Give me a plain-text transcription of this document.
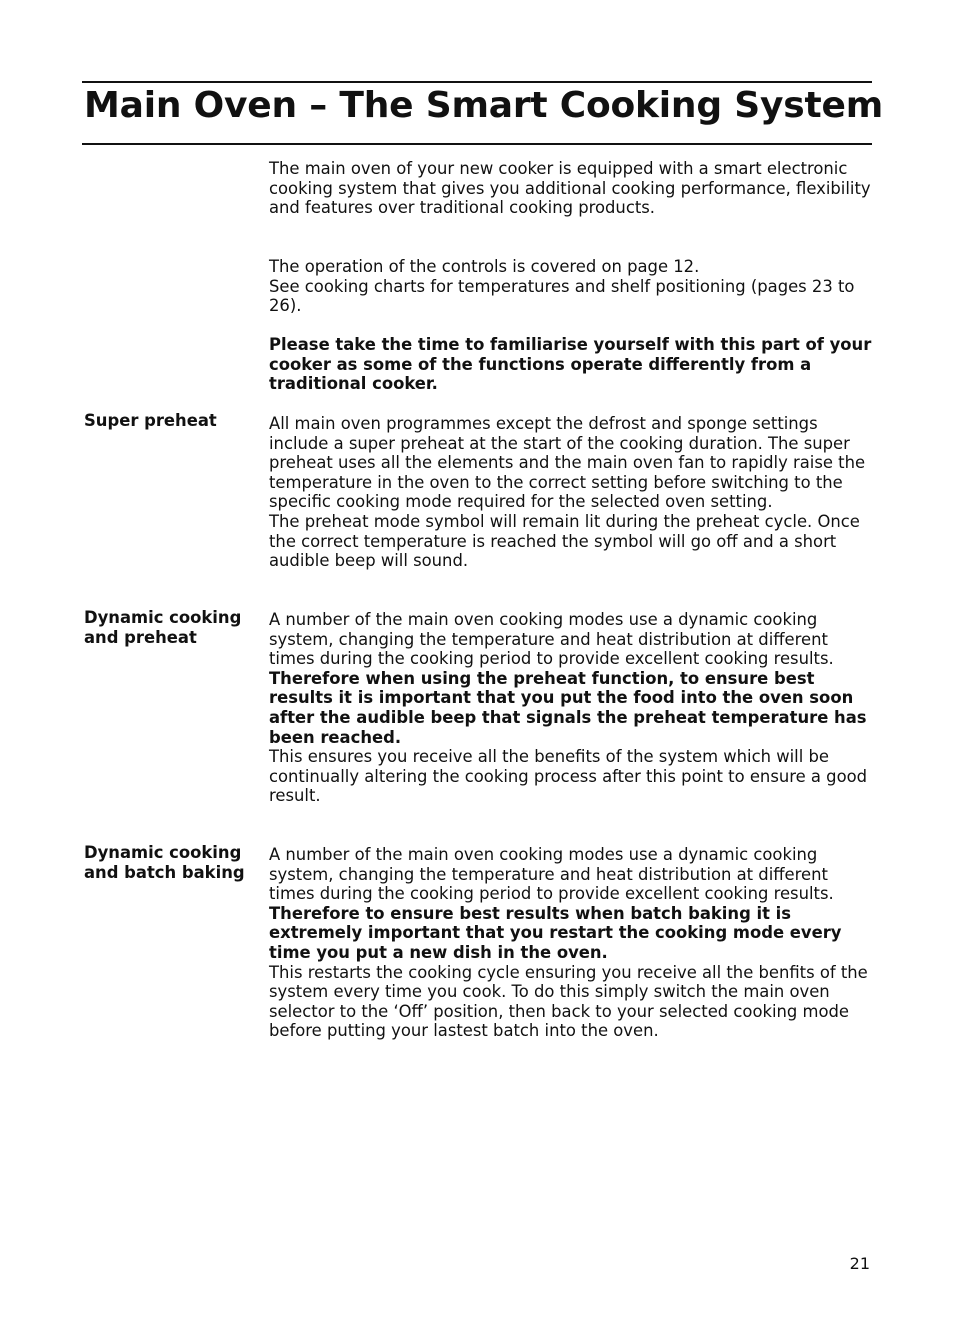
Main Oven – The Smart Cooking System

The main oven of your new cooker is equipped with a smart electronic cooking system that gives you additional cooking performance, flexibility and features over traditional cooking products.

The operation of the controls is covered on page 12.

See cooking charts for temperatures and shelf positioning (pages 23 to 26).

Please take the time to familiarise yourself with this part of your cooker as some of the functions operate differently from a traditional cooker.

Super preheat	All main oven programmes except the defrost and sponge settings include a super preheat at the start of the cooking duration. The super preheat uses all the elements and the main oven fan to rapidly raise the temperature in the oven to the correct setting before switching to the specific cooking mode required for the selected oven setting.

The preheat mode symbol will remain lit during the preheat cycle. Once the correct temperature is reached the symbol will go off and a short audible beep will sound.

Dynamic cooking
and preheat

A number of the main oven cooking modes use a dynamic cooking system, changing the temperature and heat distribution at different times during the cooking period to provide excellent cooking results.

Therefore when using the preheat function, to ensure best results it is important that you put the food into the oven soon after the audible beep that signals the preheat temperature has been reached.

This ensures you receive all the benefits of the system which will be continually altering the cooking process after this point to ensure a good result.

Dynamic cooking
and batch baking

A number of the main oven cooking modes use a dynamic cooking system, changing the temperature and heat distribution at different times during the cooking period to provide excellent cooking results.

Therefore to ensure best results when batch baking it is extremely important that you restart the cooking mode every time you put a new dish in the oven.

This restarts the cooking cycle ensuring you receive all the benfits of the system every time you cook. To do this simply switch the main oven selector to the ‘Off’ position, then back to your selected cooking mode before putting your lastest batch into the oven.

21
